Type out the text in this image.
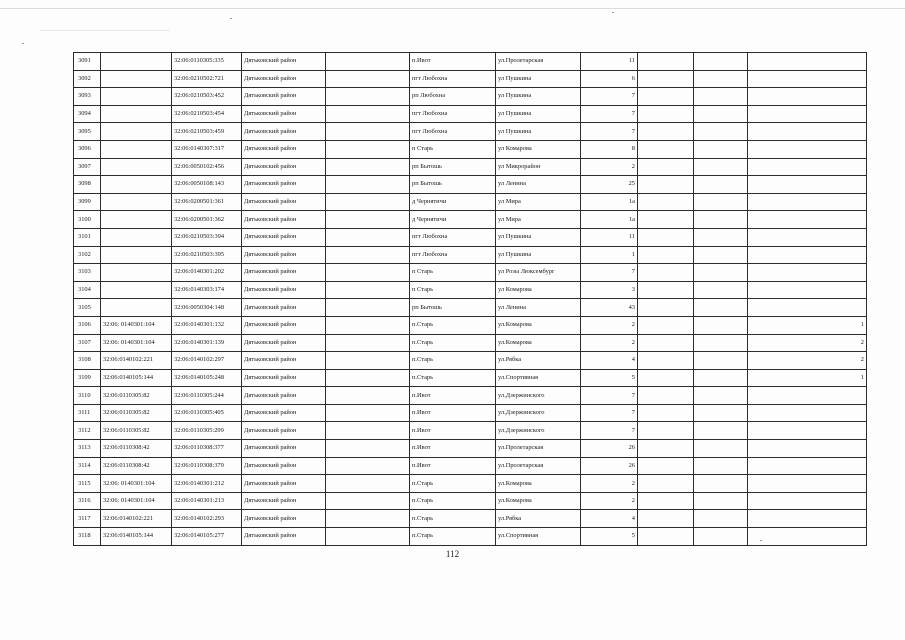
3091		32:06:0110305:335	Дятьковский район		п.Ивот	ул.Пролетарская	11			
3092		32:06:0210502:721	Дятьковский район		пгт Любохна	ул Пушкина	6			
3093		32:06:0210503:452	Дятьковский район		рп Любохна	ул Пушкина	7			
3094		32:06:0210503:454	Дятьковский район		пгт Любохна	ул Пушкина	7			
3095		32:06:0210503:459	Дятьковский район		пгт Любохна	ул Пушкина	7			
3096		32:06:0140307:317	Дятьковский район		п Старь	ул Комарова	8			
3097		32:06:0050102:456	Дятьковский район		рп Бытошь	ул Микрорайон	2			
3098		32:06:0050108:143	Дятьковский район		рп Бытошь	ул Ленина	25			
3099		32:06:0200501:361	Дятьковский район		д Чернятичи	ул Мира	1а			
3100		32:06:0200501:362	Дятьковский район		д Чернятичи	ул Мира	1а			
3101		32:06:0210503:394	Дятьковский район		пгт Любохна	ул Пушкина	11			
3102		32:06:0210503:395	Дятьковский район		пгт Любохна	ул Пушкина	1			
3103		32:06:0140301:202	Дятьковский район		п Старь	ул Розы Люксембург	7			
3104		32:06:0140303:174	Дятьковский район		п Старь	ул Комарова	3			
3105		32:06:0050304:148	Дятьковский район		рп Бытошь	ул Ленина	43			
3106	32:06: 0140301:104	32:06:0140301:132	Дятьковский район		п.Старь	ул.Комарова	2			1
3107	32:06: 0140301:104	32:06:0140301:139	Дятьковский район		п.Старь	ул.Комарова	2			2
3108	32:06:0140102:221	32:06:0140102:297	Дятьковский район		п.Старь	ул.Рябка	4			2
3109	32:06:0140105:144	32:06:0140105:248	Дятьковский район		п.Старь	ул.Спортивная	5			1
3110	32:06:0110305:82	32:06:0110305:244	Дятьковский район		п.Ивот	ул.Дзержинского	7			
3111	32:06:0110305:82	32:06:0110305:405	Дятьковский район		п.Ивот	ул.Дзержинского	7			
3112	32:06:0110305:82	32:06:0110305:299	Дятьковский район		п.Ивот	ул.Дзержинского	7			
3113	32:06:0110308:42	32:06:0110308:377	Дятьковский район		п.Ивот	ул.Пролетарская	26			
3114	32:06:0110308:42	32:06:0110308:379	Дятьковский район		п.Ивот	ул.Пролетарская	26			
3115	32:06: 0140301:104	32:06:0140301:212	Дятьковский район		п.Старь	ул.Комарова	2			
3116	32:06: 0140301:104	32:06:0140301:213	Дятьковский район		п.Старь	ул.Комарова	2			
3117	32:06:0140102:221	32:06:0140102:293	Дятьковский район		п.Старь	ул.Рябка	4			
3118	32:06:0140105:144	32:06:0140105:277	Дятьковский район		п.Старь	ул.Спортивная	5			
112
